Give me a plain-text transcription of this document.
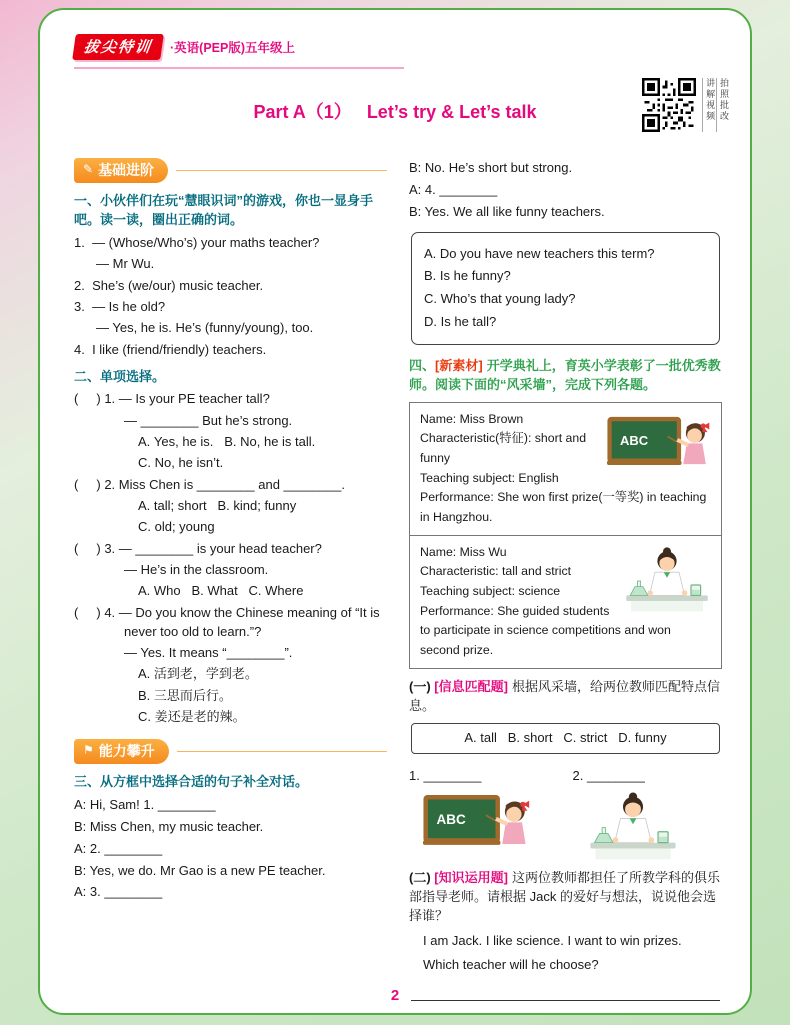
拔尖特训	·英语(PEP版)五年级上
Part A（1）   Let’s try & Let’s talk	讲解视频 拍照批改
✎ 基础进阶
一、小伙伴们在玩“慧眼识词”的游戏，你也一显身手吧。读一读，圈出正确的词。
1.  — (Whose/Who’s) your maths teacher?
— Mr Wu.
2.  She’s (we/our) music teacher.
3.  — Is he old?
— Yes, he is. He’s (funny/young), too.
4.  I like (friend/friendly) teachers.
二、单项选择。
(     ) 1. — Is your PE teacher tall?
— ________ But he’s strong.
A. Yes, he is.   B. No, he is tall.
C. No, he isn’t.
(     ) 2. Miss Chen is ________ and ________.
A. tall; short   B. kind; funny
C. old; young
(     ) 3. — ________ is your head teacher?
— He’s in the classroom.
A. Who   B. What   C. Where
(     ) 4. — Do you know the Chinese meaning of “It is never too old to learn.”?
— Yes. It means “________”.
A. 活到老，学到老。
B. 三思而后行。
C. 姜还是老的辣。
⚑ 能力攀升
三、从方框中选择合适的句子补全对话。
A: Hi, Sam! 1. ________
B: Miss Chen, my music teacher.
A: 2. ________
B: Yes, we do. Mr Gao is a new PE teacher.
A: 3. ________
B: No. He’s short but strong.
A: 4. ________
B: Yes. We all like funny teachers.
A. Do you have new teachers this term?
B. Is he funny?
C. Who’s that young lady?
D. Is he tall?
四、[新素材] 开学典礼上，育英小学表彰了一批优秀教师。阅读下面的“风采墙”，完成下列各题。
Name: Miss Brown
Characteristic(特征): short and funny
Teaching subject: English
Performance: She won first prize(一等奖) in teaching in Hangzhou.
Name: Miss Wu
Characteristic: tall and strict
Teaching subject: science
Performance: She guided students to participate in science competitions and won second prize.
(一) [信息匹配题] 根据风采墙，给两位教师匹配特点信息。
A. tall   B. short   C. strict   D. funny
1. ________	2. ________
(二) [知识运用题] 这两位教师都担任了所教学科的俱乐部指导老师。请根据 Jack 的爱好与想法，说说他会选择谁？
I am Jack. I like science. I want to win prizes.
Which teacher will he choose?
2
